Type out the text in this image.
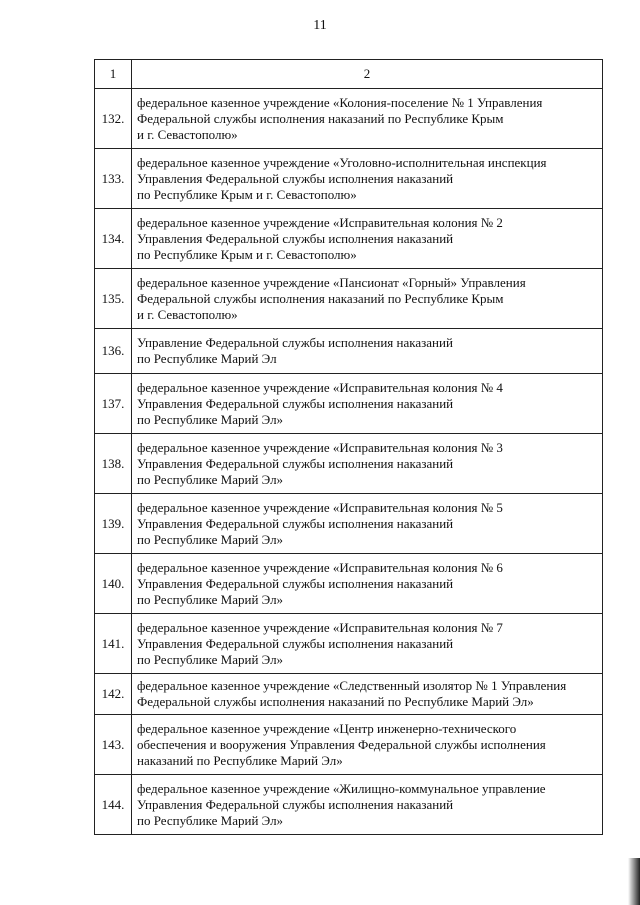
11
1	2
132.	федеральное казенное учреждение «Колония-поселение № 1 Управления
Федеральной службы исполнения наказаний по Республике Крым
и г. Севастополю»

133.	федеральное казенное учреждение «Уголовно-исполнительная инспекция
Управления Федеральной службы исполнения наказаний
по Республике Крым и г. Севастополю»

134.	федеральное казенное учреждение «Исправительная колония № 2
Управления Федеральной службы исполнения наказаний
по Республике Крым и г. Севастополю»

135.	федеральное казенное учреждение «Пансионат «Горный» Управления
Федеральной службы исполнения наказаний по Республике Крым
и г. Севастополю»

136.	Управление Федеральной службы исполнения наказаний
по Республике Марий Эл

137.	федеральное казенное учреждение «Исправительная колония № 4
Управления Федеральной службы исполнения наказаний
по Республике Марий Эл»

138.	федеральное казенное учреждение «Исправительная колония № 3
Управления Федеральной службы исполнения наказаний
по Республике Марий Эл»

139.	федеральное казенное учреждение «Исправительная колония № 5
Управления Федеральной службы исполнения наказаний
по Республике Марий Эл»

140.	федеральное казенное учреждение «Исправительная колония № 6
Управления Федеральной службы исполнения наказаний
по Республике Марий Эл»

141.	федеральное казенное учреждение «Исправительная колония № 7
Управления Федеральной службы исполнения наказаний
по Республике Марий Эл»

142.	федеральное казенное учреждение «Следственный изолятор № 1 Управления
Федеральной службы исполнения наказаний по Республике Марий Эл»

143.	федеральное казенное учреждение «Центр инженерно-технического
обеспечения и вооружения Управления Федеральной службы исполнения
наказаний по Республике Марий Эл»

144.	федеральное казенное учреждение «Жилищно-коммунальное управление
Управления Федеральной службы исполнения наказаний
по Республике Марий Эл»
